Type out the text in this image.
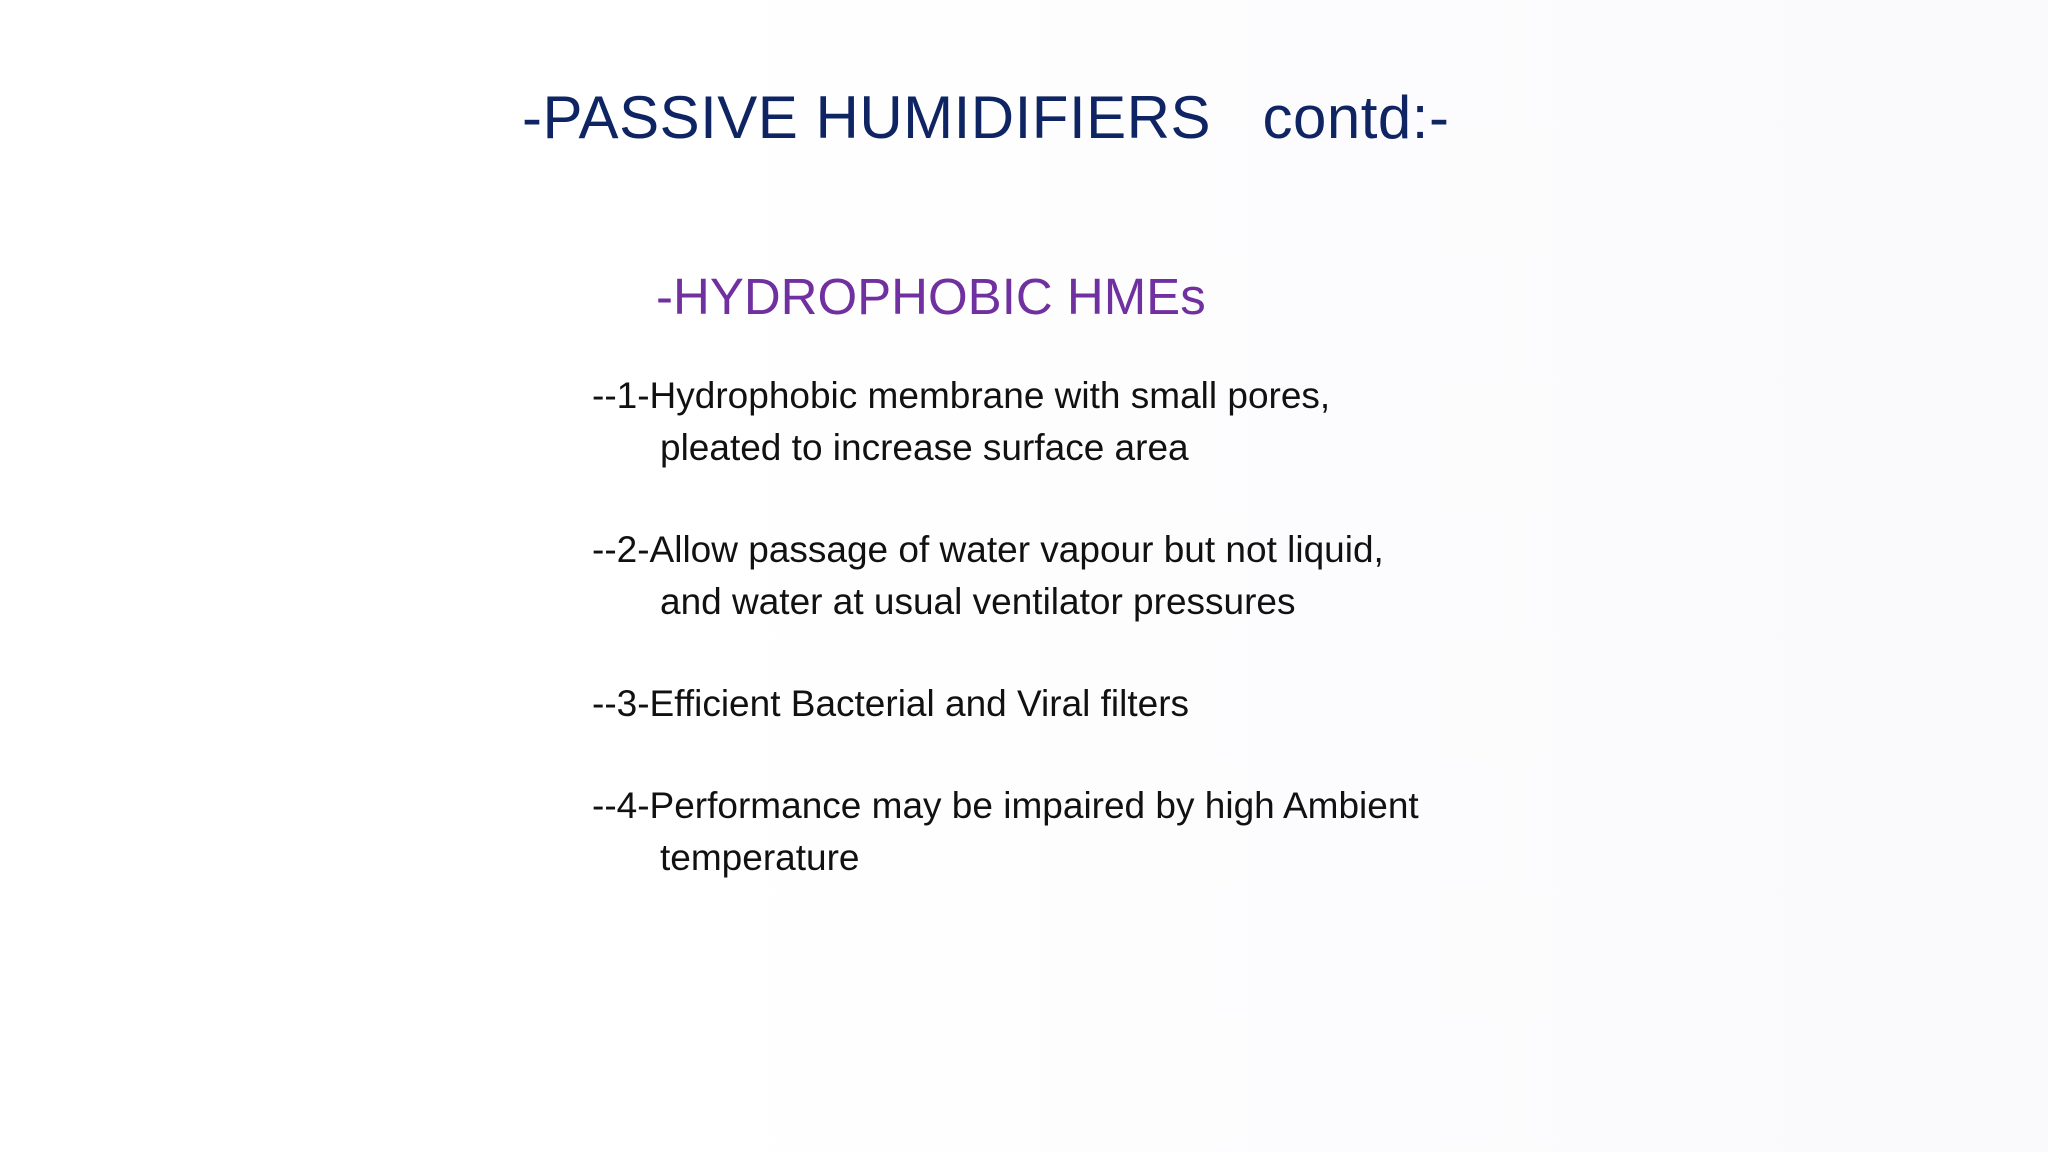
-PASSIVE HUMIDIFIERS   contd:-
-HYDROPHOBIC HMEs
--1-Hydrophobic membrane with small pores,
pleated to increase surface area
--2-Allow passage of water vapour but not liquid,
and water at usual ventilator pressures
--3-Efficient Bacterial and Viral filters
--4-Performance may be impaired by high Ambient
temperature
